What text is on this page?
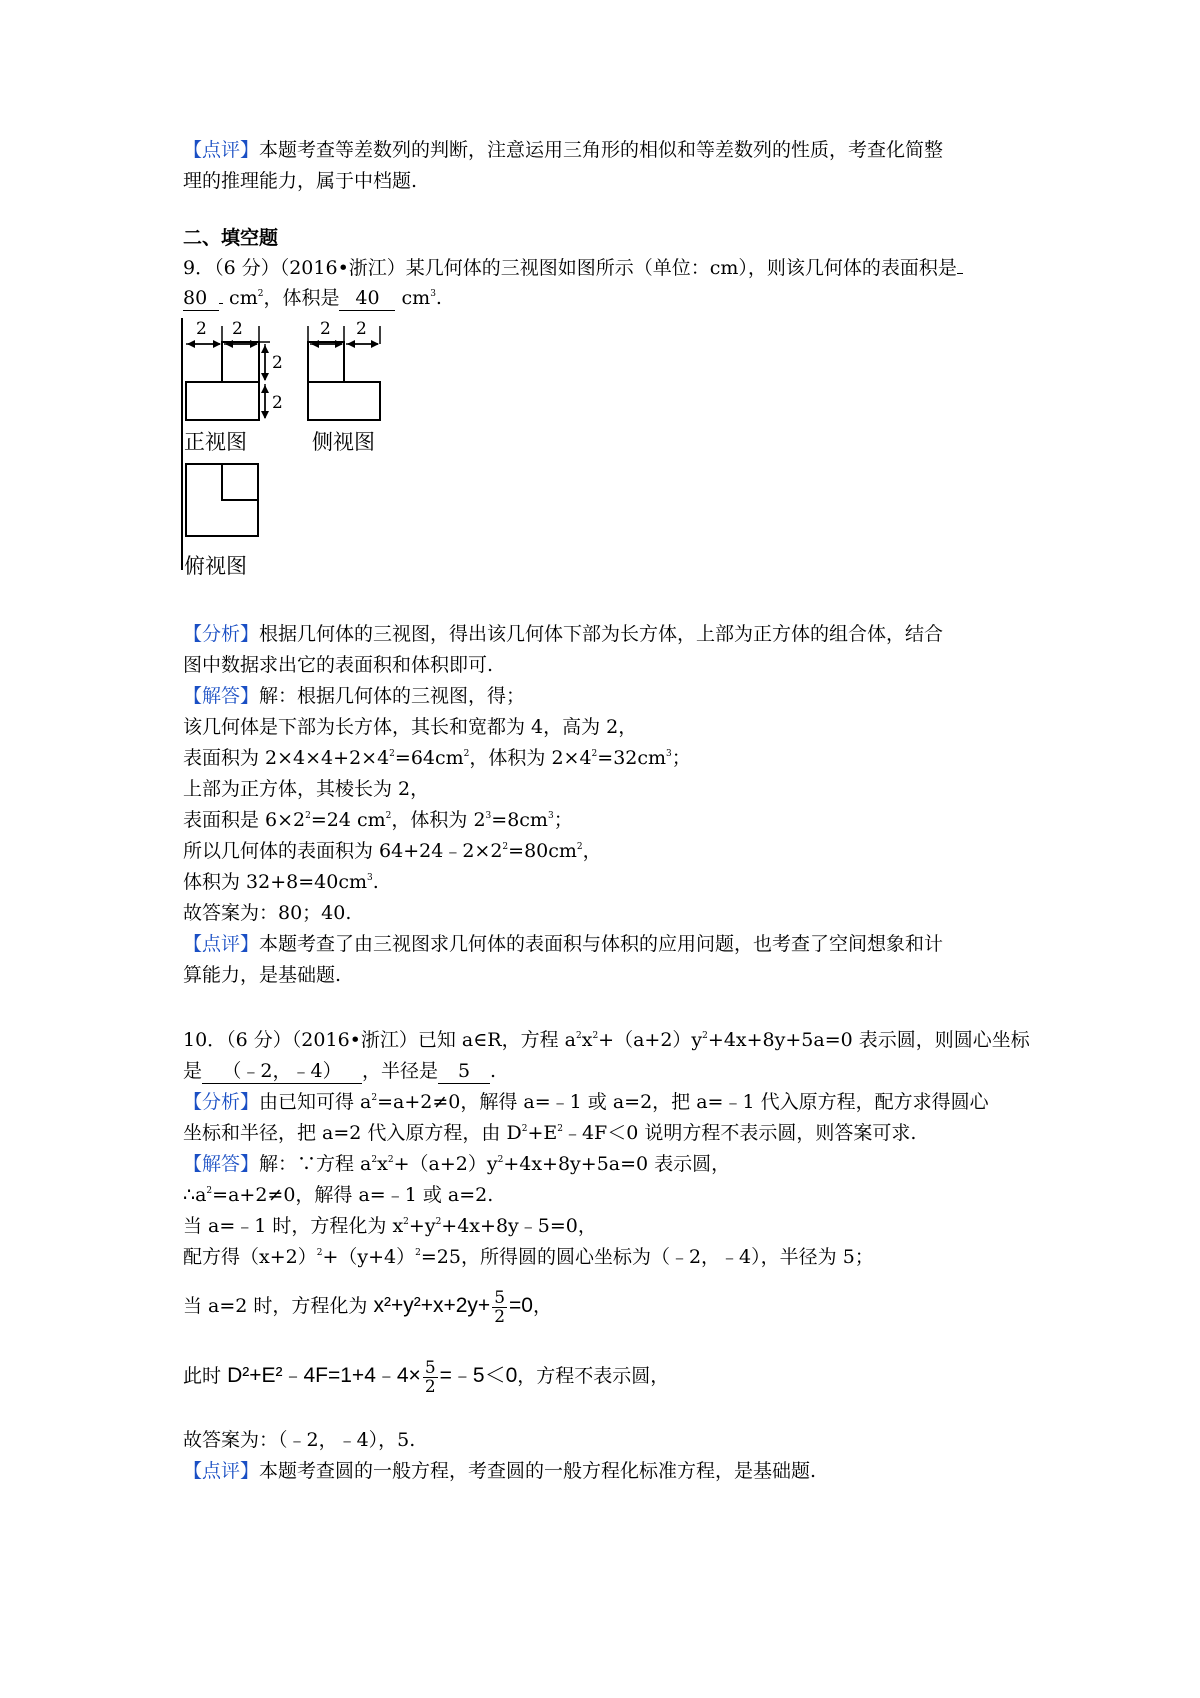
【点评】本题考查等差数列的判断，注意运用三角形的相似和等差数列的性质，考查化简整
理的推理能力，属于中档题.
二、填空题
9．（6 分）（2016•浙江）某几何体的三视图如图所示（单位：cm），则该几何体的表面积是
80 $cm^2$，体积是 40 $cm^3$.
2 2
2
2
2 2
正视图	侧视图
俯视图
【分析】根据几何体的三视图，得出该几何体下部为长方体，上部为正方体的组合体，结合
图中数据求出它的表面积和体积即可.
【解答】解：根据几何体的三视图，得；
该几何体是下部为长方体，其长和宽都为 4，高为 2，
表面积为 $2\times 4\times 4+2\times 4^2=64cm^2$，体积为 $2\times 4^2=32cm^3$；
上部为正方体，其棱长为 2，
表面积是 $6\times 2^2=24$ $cm^2$，体积为 $2^3=8cm^3$；
所以几何体的表面积为 $64+24﹣2\times 2^2=80cm^2$，
体积为 $32+8=40cm^3$.
故答案为：80；40.
【点评】本题考查了由三视图求几何体的表面积与体积的应用问题，也考查了空间想象和计
算能力，是基础题.
10．（6 分）（2016•浙江）已知 a∈R，方程 $a^2x^2+(a+2)y^2+4x+8y+5a=0$ 表示圆，则圆心坐标
是 （﹣2，﹣4） ，半径是 5 .
【分析】由已知可得 $a^2=a+2\ne 0$，解得 a=﹣1 或 a=2，把 a=﹣1 代入原方程，配方求得圆心
坐标和半径，把 a=2 代入原方程，由 $D^2+E^2﹣4F<0$ 说明方程不表示圆，则答案可求.
【解答】解：∵方程 $a^2x^2+(a+2)y^2+4x+8y+5a=0$ 表示圆，
$\therefore a^2=a+2\ne 0$，解得 a=﹣1 或 a=2.
当 a=﹣1 时，方程化为 $x^2+y^2+4x+8y﹣5=0$，
配方得$(x+2)^2+(y+4)^2=25$，所得圆的圆心坐标为（﹣2，﹣4），半径为 5；
当 a=2 时，方程化为 $x^2+y^2+x+2y+ \frac{5}{2} =0$，
此时 D²+E²﹣4F=1+4﹣4× $\frac{5}{2}$ =﹣5＜0，方程不表示圆，
故答案为：（﹣2，﹣4），5.
【点评】本题考查圆的一般方程，考查圆的一般方程化标准方程，是基础题.
